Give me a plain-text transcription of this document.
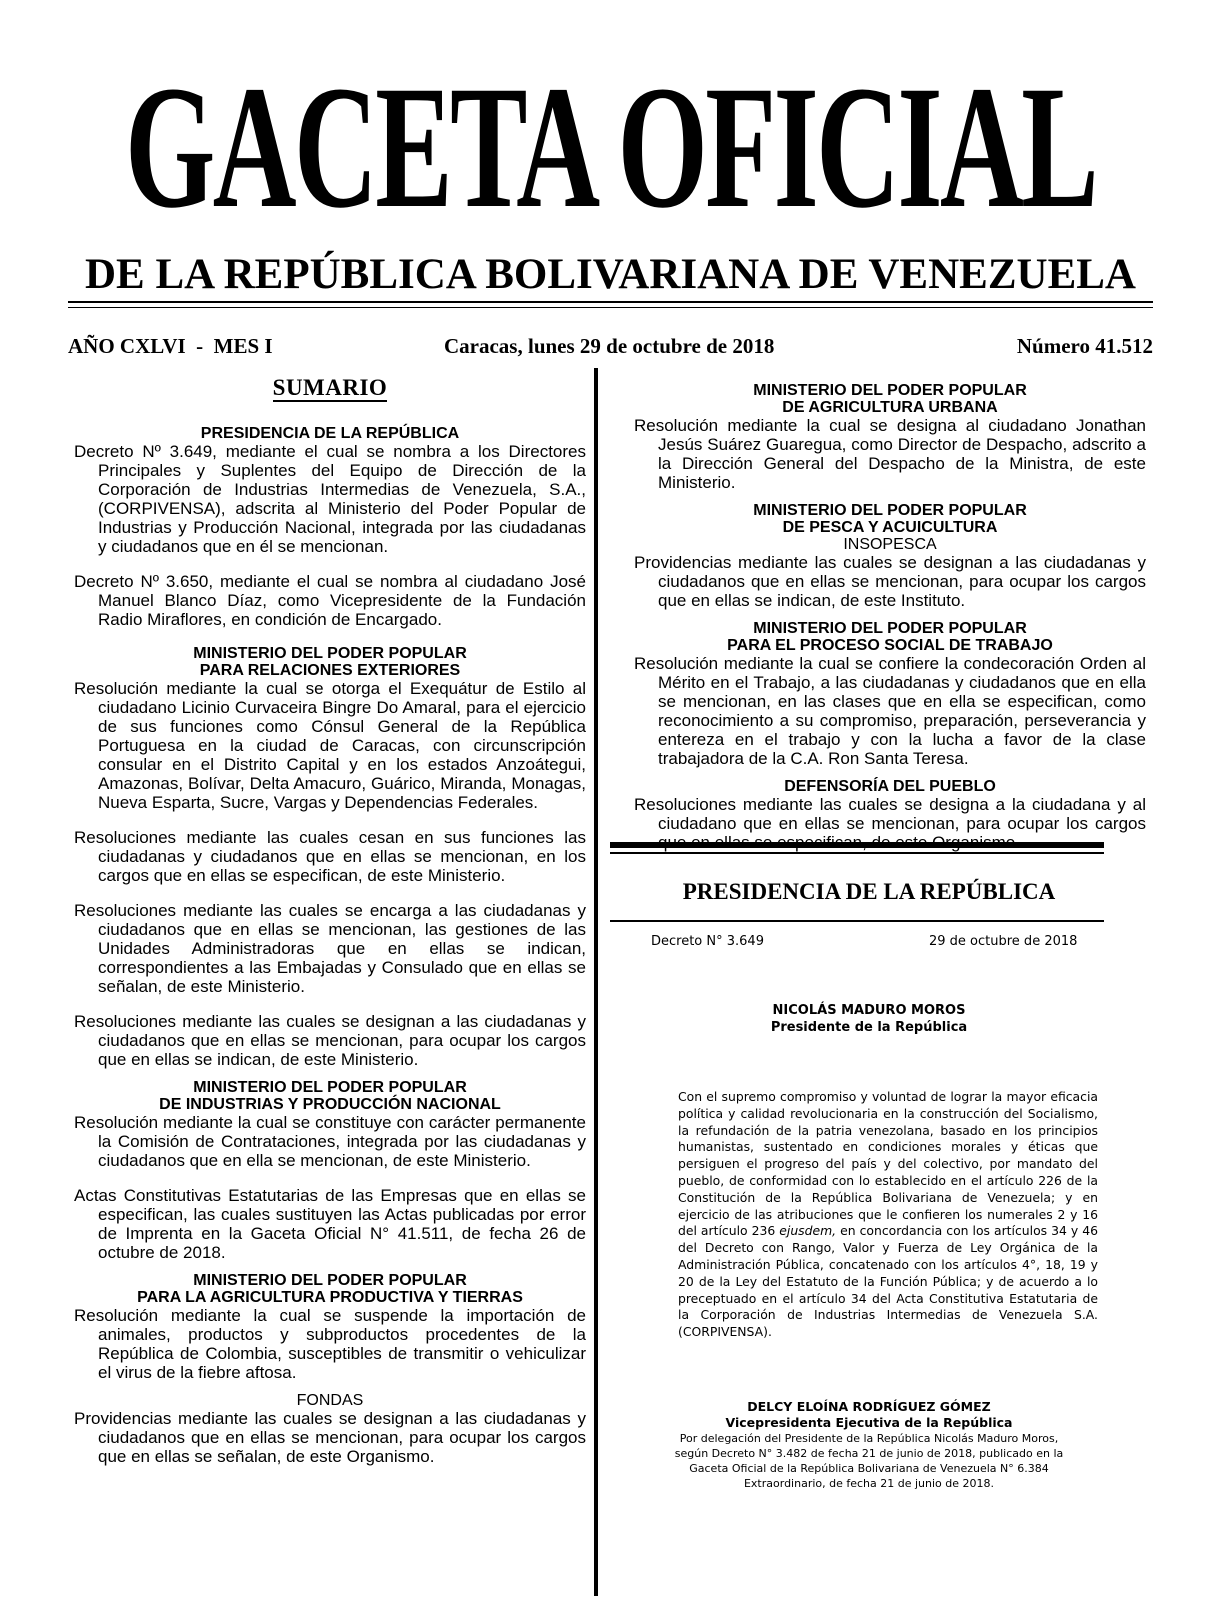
GACETA OFICIAL
DE LA REPÚBLICA BOLIVARIANA DE VENEZUELA
AÑO CXLVI  -  MES I	Caracas, lunes 29 de octubre de 2018	Número 41.512
SUMARIO

PRESIDENCIA DE LA REPÚBLICA

Decreto Nº 3.649, mediante el cual se nombra a los Directores Principales y Suplentes del Equipo de Dirección de la Corporación de Industrias Intermedias de Venezuela, S.A., (CORPIVENSA), adscrita al Ministerio del Poder Popular de Industrias y Producción Nacional, integrada por las ciudadanas y ciudadanos que en él se mencionan.

Decreto Nº 3.650, mediante el cual se nombra al ciudadano José Manuel Blanco Díaz, como Vicepresidente de la Fundación Radio Miraflores, en condición de Encargado.

MINISTERIO DEL PODER POPULAR

PARA RELACIONES EXTERIORES

Resolución mediante la cual se otorga el Exequátur de Estilo al ciudadano Licinio Curvaceira Bingre Do Amaral, para el ejercicio de sus funciones como Cónsul General de la República Portuguesa en la ciudad de Caracas, con circunscripción consular en el Distrito Capital y en los estados Anzoátegui, Amazonas, Bolívar, Delta Amacuro, Guárico, Miranda, Monagas, Nueva Esparta, Sucre, Vargas y Dependencias Federales.

Resoluciones mediante las cuales cesan en sus funciones las ciudadanas y ciudadanos que en ellas se mencionan, en los cargos que en ellas se especifican, de este Ministerio.

Resoluciones mediante las cuales se encarga a las ciudadanas y ciudadanos que en ellas se mencionan, las gestiones de las Unidades Administradoras que en ellas se indican, correspondientes a las Embajadas y Consulado que en ellas se señalan, de este Ministerio.

Resoluciones mediante las cuales se designan a las ciudadanas y ciudadanos que en ellas se mencionan, para ocupar los cargos que en ellas se indican, de este Ministerio.

MINISTERIO DEL PODER POPULAR

DE INDUSTRIAS Y PRODUCCIÓN NACIONAL

Resolución mediante la cual se constituye con carácter permanente la Comisión de Contrataciones, integrada por las ciudadanas y ciudadanos que en ella se mencionan, de este Ministerio.

Actas Constitutivas Estatutarias de las Empresas que en ellas se especifican, las cuales sustituyen las Actas publicadas por error de Imprenta en la Gaceta Oficial N° 41.511, de fecha 26 de octubre de 2018.

MINISTERIO DEL PODER POPULAR

PARA LA AGRICULTURA PRODUCTIVA Y TIERRAS

Resolución mediante la cual se suspende la importación de animales, productos y subproductos procedentes de la República de Colombia, susceptibles de transmitir o vehiculizar el virus de la fiebre aftosa.

FONDAS

Providencias mediante las cuales se designan a las ciudadanas y ciudadanos que en ellas se mencionan, para ocupar los cargos que en ellas se señalan, de este Organismo.

MINISTERIO DEL PODER POPULAR

DE AGRICULTURA URBANA

Resolución mediante la cual se designa al ciudadano Jonathan Jesús Suárez Guaregua, como Director de Despacho, adscrito a la Dirección General del Despacho de la Ministra, de este Ministerio.

MINISTERIO DEL PODER POPULAR

DE PESCA Y ACUICULTURA

INSOPESCA

Providencias mediante las cuales se designan a las ciudadanas y ciudadanos que en ellas se mencionan, para ocupar los cargos que en ellas se indican, de este Instituto.

MINISTERIO DEL PODER POPULAR

PARA EL PROCESO SOCIAL DE TRABAJO

Resolución mediante la cual se confiere la condecoración Orden al Mérito en el Trabajo, a las ciudadanas y ciudadanos que en ella se mencionan, en las clases que en ella se especifican, como reconocimiento a su compromiso, preparación, perseverancia y entereza en el trabajo y con la lucha a favor de la clase trabajadora de la C.A. Ron Santa Teresa.

DEFENSORÍA DEL PUEBLO

Resoluciones mediante las cuales se designa a la ciudadana y al ciudadano que en ellas se mencionan, para ocupar los cargos

PRESIDENCIA DE LA REPÚBLICA
Decreto N° 3.649	29 de octubre de 2018
NICOLÁS MADURO MOROS
Presidente de la República
Con el supremo compromiso y voluntad de lograr la mayor eficacia política y calidad revolucionaria en la construcción del Socialismo, la refundación de la patria venezolana, basado en los principios humanistas, sustentado en condiciones morales y éticas que persiguen el progreso del país y del colectivo, por mandato del pueblo, de conformidad con lo establecido en el artículo 226 de la Constitución de la República Bolivariana de Venezuela; y en ejercicio de las atribuciones que le confieren los numerales 2 y 16 del artículo 236 ejusdem, en concordancia con los artículos 34 y 46 del Decreto con Rango, Valor y Fuerza de Ley Orgánica de la Administración Pública, concatenado con los artículos 4°, 18, 19 y 20 de la Ley del Estatuto de la Función Pública; y de acuerdo a lo preceptuado en el artículo 34 del Acta Constitutiva Estatutaria de la Corporación de Industrias Intermedias de Venezuela S.A. (CORPIVENSA).
DELCY ELOÍNA RODRÍGUEZ GÓMEZ
Vicepresidenta Ejecutiva de la República
Por delegación del Presidente de la República Nicolás Maduro Moros,
según Decreto N° 3.482 de fecha 21 de junio de 2018, publicado en la
Gaceta Oficial de la República Bolivariana de Venezuela N° 6.384
Extraordinario, de fecha 21 de junio de 2018.
